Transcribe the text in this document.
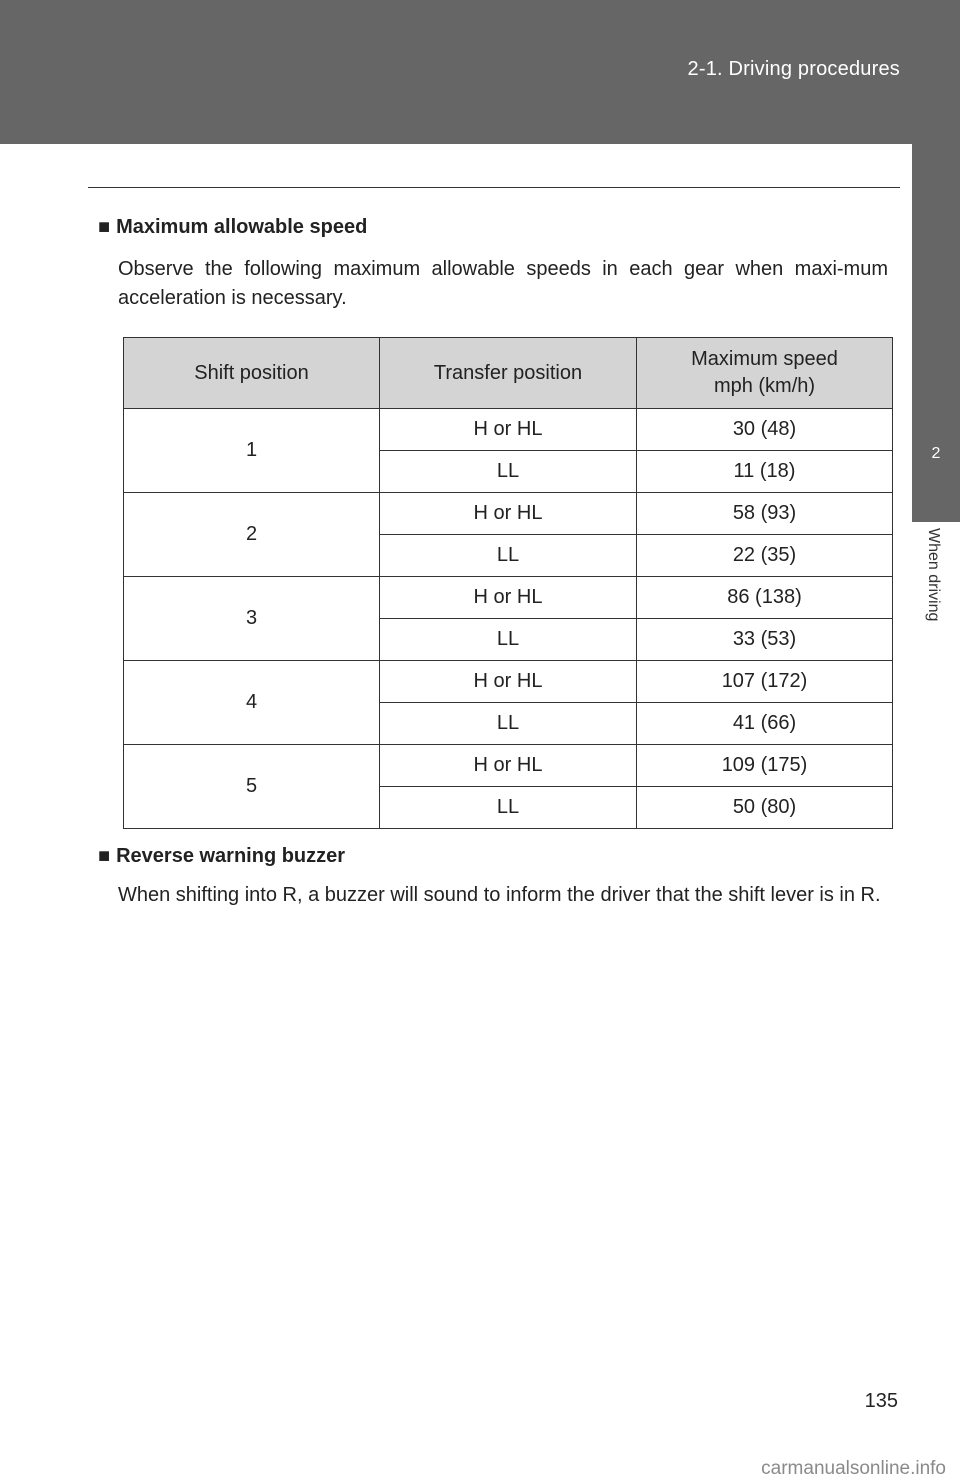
2-1. Driving procedures
2
When driving
■ Maximum allowable speed
Observe the following maximum allowable speeds in each gear when maxi-mum acceleration is necessary.
Shift position	Transfer position	Maximum speed
mph (km/h)
1	H or HL	30 (48)
	LL	11 (18)
2	H or HL	58 (93)
	LL	22 (35)
3	H or HL	86 (138)
	LL	33 (53)
4	H or HL	107 (172)
	LL	41 (66)
5	H or HL	109 (175)
	LL	50 (80)
■ Reverse warning buzzer
When shifting into R, a buzzer will sound to inform the driver that the shift lever is in R.
135
carmanualsonline.info
